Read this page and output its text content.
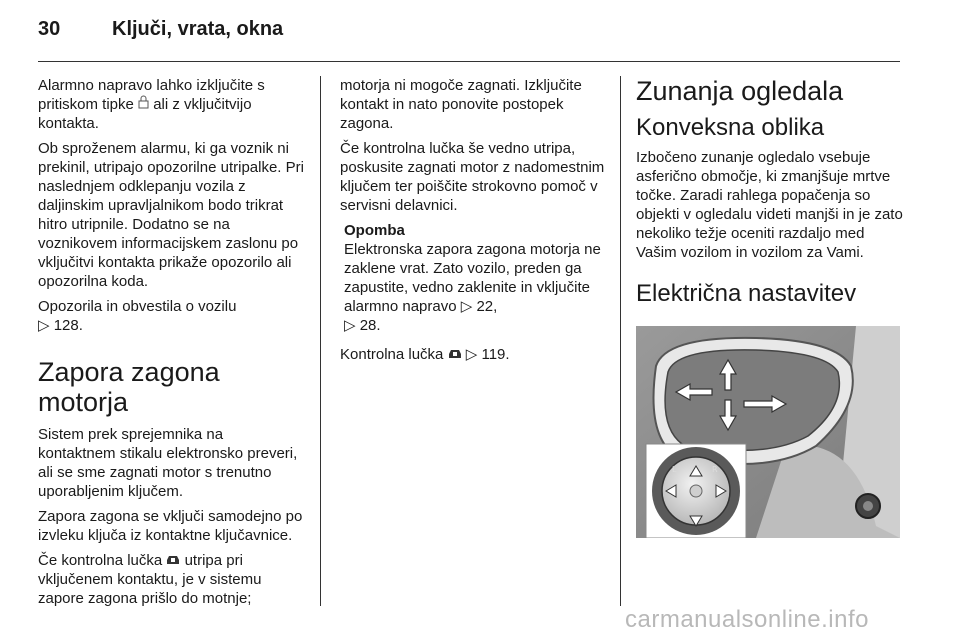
30	Ključi, vrata, okna

Alarmno napravo lahko izključite s pritiskom tipke ali z vključitvijo kontakta.

Ob sproženem alarmu, ki ga voznik ni prekinil, utripajo opozorilne utripalke. Pri naslednjem odklepanju vozila z daljinskim upravljalnikom bodo trikrat hitro utripnile. Dodatno se na voznikovem informacijskem zaslonu po vključitvi kontakta prikaže opozorilo ali opozorilna koda.

Opozorila in obvestila o vozilu
▷ 128.

Zapora zagona motorja

Sistem prek sprejemnika na kontaktnem stikalu elektronsko preveri, ali se sme zagnati motor s trenutno uporabljenim ključem.

Zapora zagona se vključi samodejno po izvleku ključa iz kontaktne ključavnice.

Če kontrolna lučka utripa pri vključenem kontaktu, je v sistemu zapore zagona prišlo do motnje;

motorja ni mogoče zagnati. Izključite kontakt in nato ponovite postopek zagona.

Če kontrolna lučka še vedno utripa, poskusite zagnati motor z nadomestnim ključem ter poiščite strokovno pomoč v servisni delavnici.

Opomba

Elektronska zapora zagona motorja ne zaklene vrat. Zato vozilo, preden ga zapustite, vedno zaklenite in vključite alarmno napravo ▷ 22,
▷ 28.

Kontrolna lučka ▷ 119.

Zunanja ogledala
Konveksna oblika

Izbočeno zunanje ogledalo vsebuje asferično območje, ki zmanjšuje mrtve točke. Zaradi rahlega popačenja so objekti v ogledalu videti manjši in je zato nekoliko težje oceniti razdaljo med Vašim vozilom in vozilom za Vami.

Električna nastavitev
L	R
carmanualsonline.info
